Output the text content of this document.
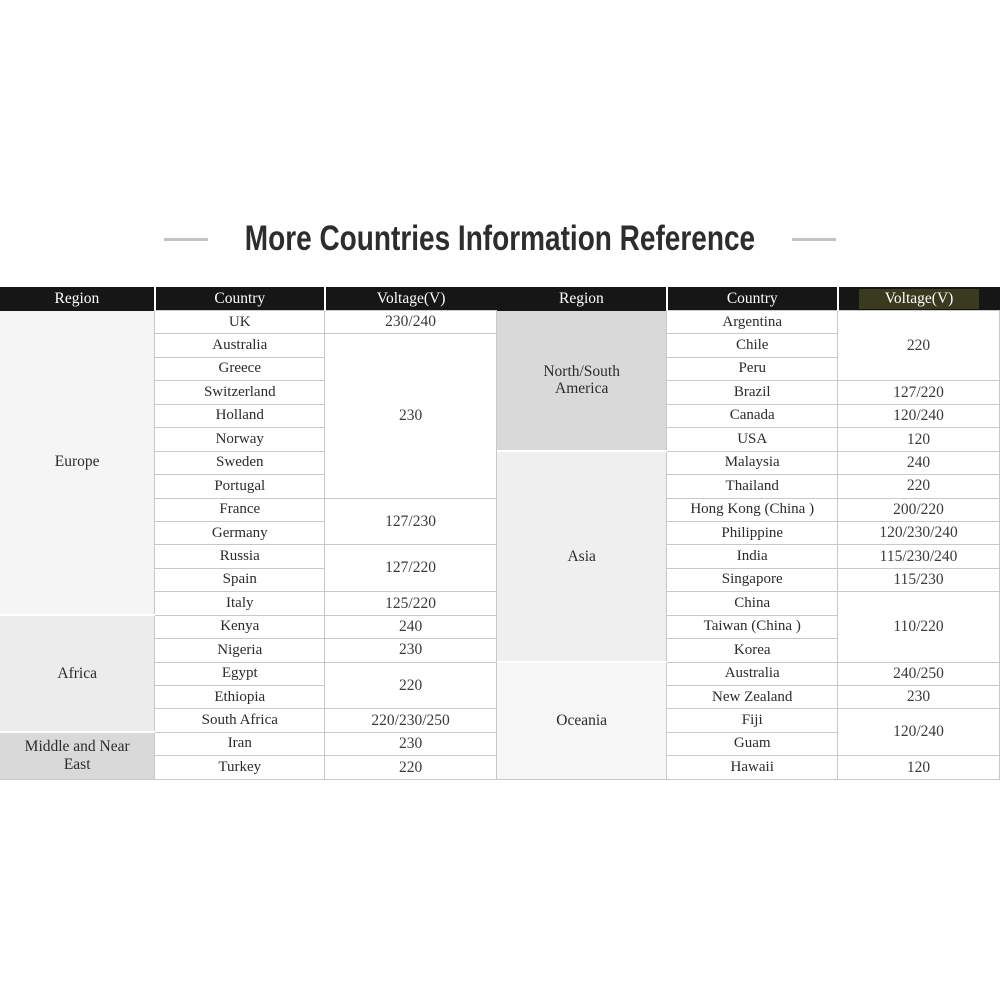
More Countries Information Reference
Region	Country	Voltage(V)
Europe	UK	230/240
	Australia	230
	Greece	
	Switzerland	
	Holland	
	Norway	
	Sweden	
	Portugal	
	France	127/230
	Germany	
	Russia	127/220
	Spain	
	Italy	125/220
Africa	Kenya	240
	Nigeria	230
	Egypt	220
	Ethiopia	
	South Africa	220/230/250
Middle and Near East	Iran	230
	Turkey	220
Region	Country	Voltage(V)
North/South America	Argentina	220
	Chile	
	Peru	
	Brazil	127/220
	Canada	120/240
	USA	120
Asia	Malaysia	240
	Thailand	220
	Hong Kong (China )	200/220
	Philippine	120/230/240
	India	115/230/240
	Singapore	115/230
	China	110/220
	Taiwan (China )	
	Korea	
Oceania	Australia	240/250
	New Zealand	230
	Fiji	120/240
	Guam	
	Hawaii	120
